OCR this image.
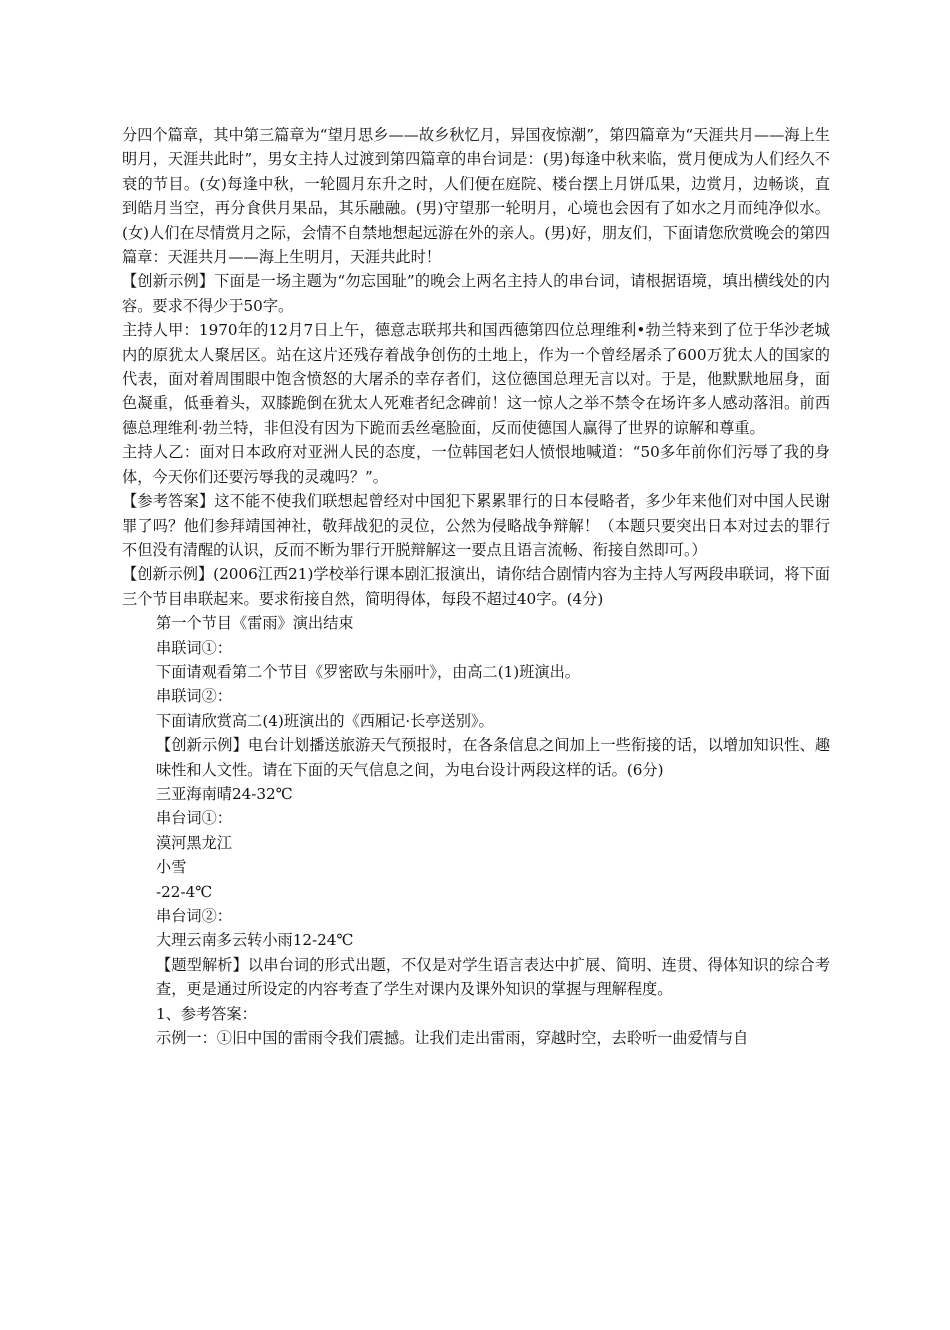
分四个篇章，其中第三篇章为“望月思乡——故乡秋忆月，异国夜惊潮”，第四篇章为“天涯共月——海上生明月，天涯共此时”，男女主持人过渡到第四篇章的串台词是：(男)每逢中秋来临，赏月便成为人们经久不衰的节目。(女)每逢中秋，一轮圆月东升之时，人们便在庭院、楼台摆上月饼瓜果，边赏月，边畅谈，直到皓月当空，再分食供月果品，其乐融融。(男)守望那一轮明月，心境也会因有了如水之月而纯净似水。(女)人们在尽情赏月之际，会情不自禁地想起远游在外的亲人。(男)好，朋友们，下面请您欣赏晚会的第四篇章：天涯共月——海上生明月，天涯共此时！

【创新示例】下面是一场主题为“勿忘国耻”的晚会上两名主持人的串台词，请根据语境，填出横线处的内容。要求不得少于50字。

主持人甲：1970年的12月7日上午，德意志联邦共和国西德第四位总理维利•勃兰特来到了位于华沙老城内的原犹太人聚居区。站在这片还残存着战争创伤的土地上，作为一个曾经屠杀了600万犹太人的国家的代表，面对着周围眼中饱含愤怒的大屠杀的幸存者们，这位德国总理无言以对。于是，他默默地屈身，面色凝重，低垂着头，双膝跪倒在犹太人死难者纪念碑前！这一惊人之举不禁令在场许多人感动落泪。前西德总理维利·勃兰特，非但没有因为下跪而丢丝毫脸面，反而使德国人赢得了世界的谅解和尊重。

主持人乙：面对日本政府对亚洲人民的态度，一位韩国老妇人愤恨地喊道：“50多年前你们污辱了我的身体，今天你们还要污辱我的灵魂吗？”。

【参考答案】这不能不使我们联想起曾经对中国犯下累累罪行的日本侵略者，多少年来他们对中国人民谢罪了吗？他们参拜靖国神社，敬拜战犯的灵位，公然为侵略战争辩解！（本题只要突出日本对过去的罪行不但没有清醒的认识，反而不断为罪行开脱辩解这一要点且语言流畅、衔接自然即可。）

【创新示例】(2006江西21)学校举行课本剧汇报演出，请你结合剧情内容为主持人写两段串联词，将下面三个节目串联起来。要求衔接自然，简明得体，每段不超过40字。(4分)

第一个节目《雷雨》演出结束

串联词①：

下面请观看第二个节目《罗密欧与朱丽叶》，由高二(1)班演出。

串联词②：

下面请欣赏高二(4)班演出的《西厢记·长亭送别》。

【创新示例】电台计划播送旅游天气预报时，在各条信息之间加上一些衔接的话，以增加知识性、趣味性和人文性。请在下面的天气信息之间，为电台设计两段这样的话。(6分)

三亚海南晴24-32℃

串台词①：

漠河黑龙江

小雪

-22-4℃

串台词②：

大理云南多云转小雨12-24℃

【题型解析】以串台词的形式出题，不仅是对学生语言表达中扩展、简明、连贯、得体知识的综合考查，更是通过所设定的内容考查了学生对课内及课外知识的掌握与理解程度。

1、参考答案：

示例一：①旧中国的雷雨令我们震撼。让我们走出雷雨，穿越时空，去聆听一曲爱情与自
